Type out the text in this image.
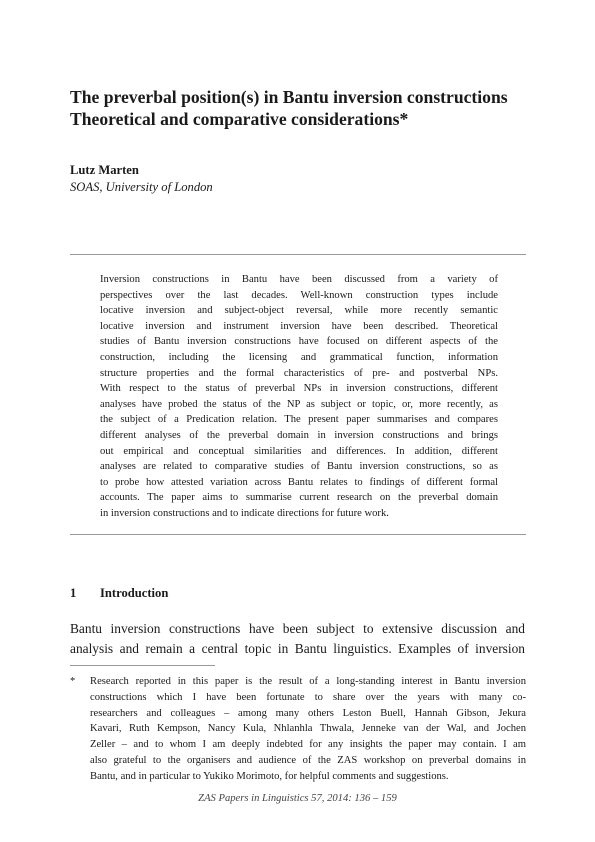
The preverbal position(s) in Bantu inversion constructions
Theoretical and comparative considerations*
Lutz Marten
SOAS, University of London
Inversion constructions in Bantu have been discussed from a variety of
perspectives over the last decades. Well-known construction types include
locative inversion and subject-object reversal, while more recently semantic
locative inversion and instrument inversion have been described. Theoretical
studies of Bantu inversion constructions have focused on different aspects of the
construction, including the licensing and grammatical function, information
structure properties and the formal characteristics of pre- and postverbal NPs.
With respect to the status of preverbal NPs in inversion constructions, different
analyses have probed the status of the NP as subject or topic, or, more recently, as
the subject of a Predication relation. The present paper summarises and compares
different analyses of the preverbal domain in inversion constructions and brings
out empirical and conceptual similarities and differences. In addition, different
analyses are related to comparative studies of Bantu inversion constructions, so as
to probe how attested variation across Bantu relates to findings of different formal
accounts. The paper aims to summarise current research on the preverbal domain
in inversion constructions and to indicate directions for future work.
1 Introduction
Bantu inversion constructions have been subject to extensive discussion and
analysis and remain a central topic in Bantu linguistics. Examples of inversion
* Research reported in this paper is the result of a long-standing interest in Bantu inversion
constructions which I have been fortunate to share over the years with many co-
researchers and colleagues – among many others Leston Buell, Hannah Gibson, Jekura
Kavari, Ruth Kempson, Nancy Kula, Nhlanhla Thwala, Jenneke van der Wal, and Jochen
Zeller – and to whom I am deeply indebted for any insights the paper may contain. I am
also grateful to the organisers and audience of the ZAS workshop on preverbal domains in
Bantu, and in particular to Yukiko Morimoto, for helpful comments and suggestions.
ZAS Papers in Linguistics 57, 2014: 136 – 159
